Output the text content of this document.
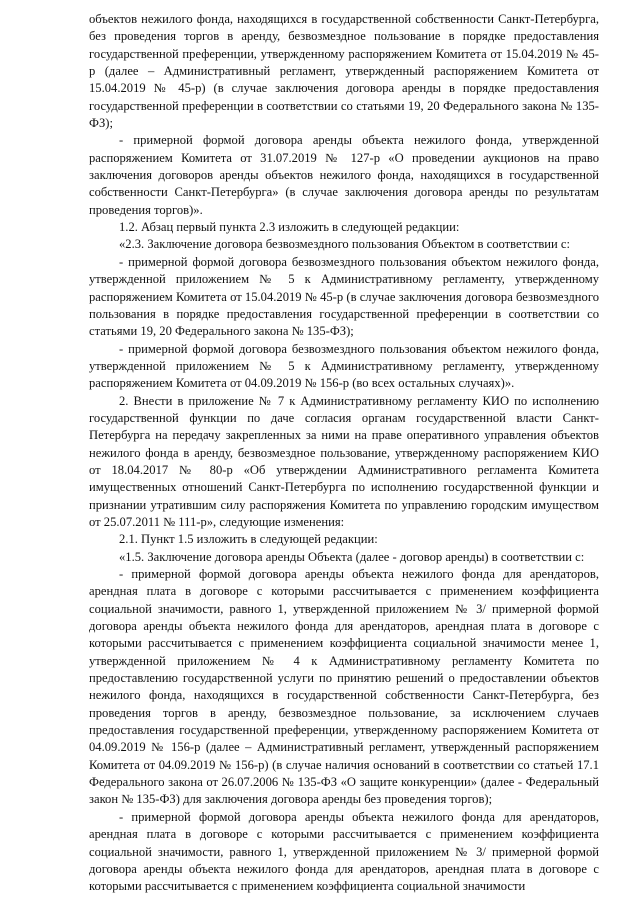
объектов нежилого фонда, находящихся в государственной собственности Санкт-Петербурга, без проведения торгов в аренду, безвозмездное пользование в порядке предоставления государственной преференции, утвержденному распоряжением Комитета от 15.04.2019 № 45-р (далее – Административный регламент, утвержденный распоряжением Комитета от 15.04.2019 № 45-р) (в случае заключения договора аренды в порядке предоставления государственной преференции в соответствии со статьями 19, 20 Федерального закона № 135-ФЗ);

- примерной формой договора аренды объекта нежилого фонда, утвержденной распоряжением Комитета от 31.07.2019 № 127-р «О проведении аукционов на право заключения договоров аренды объектов нежилого фонда, находящихся в государственной собственности Санкт-Петербурга» (в случае заключения договора аренды по результатам проведения торгов)».

1.2. Абзац первый пункта 2.3 изложить в следующей редакции:

«2.3. Заключение договора безвозмездного пользования Объектом в соответствии с:

- примерной формой договора безвозмездного пользования объектом нежилого фонда, утвержденной приложением № 5 к Административному регламенту, утвержденному распоряжением Комитета от 15.04.2019 № 45-р (в случае заключения договора безвозмездного пользования в порядке предоставления государственной преференции в соответствии со статьями 19, 20 Федерального закона № 135-ФЗ);

- примерной формой договора безвозмездного пользования объектом нежилого фонда, утвержденной приложением № 5 к Административному регламенту, утвержденному распоряжением Комитета от 04.09.2019 № 156-р (во всех остальных случаях)».

2. Внести в приложение № 7 к Административному регламенту КИО по исполнению государственной функции по даче согласия органам государственной власти Санкт-Петербурга на передачу закрепленных за ними на праве оперативного управления объектов нежилого фонда в аренду, безвозмездное пользование, утвержденному распоряжением КИО от 18.04.2017 № 80-р «Об утверждении Административного регламента Комитета имущественных отношений Санкт-Петербурга по исполнению государственной функции и признании утратившим силу распоряжения Комитета по управлению городским имуществом от 25.07.2011 № 111-р», следующие изменения:

2.1. Пункт 1.5 изложить в следующей редакции:

«1.5. Заключение договора аренды Объекта (далее - договор аренды) в соответствии с:

- примерной формой договора аренды объекта нежилого фонда для арендаторов, арендная плата в договоре с которыми рассчитывается с применением коэффициента социальной значимости, равного 1, утвержденной приложением № 3/ примерной формой договора аренды объекта нежилого фонда для арендаторов, арендная плата в договоре с которыми рассчитывается с применением коэффициента социальной значимости менее 1, утвержденной приложением № 4 к Административному регламенту Комитета по предоставлению государственной услуги по принятию решений о предоставлении объектов нежилого фонда, находящихся в государственной собственности Санкт-Петербурга, без проведения торгов в аренду, безвозмездное пользование, за исключением случаев предоставления государственной преференции, утвержденному распоряжением Комитета от 04.09.2019 № 156-р (далее – Административный регламент, утвержденный распоряжением Комитета от 04.09.2019 № 156-р) (в случае наличия оснований в соответствии со статьей 17.1 Федерального закона от 26.07.2006 № 135-ФЗ «О защите конкуренции» (далее - Федеральный закон № 135-ФЗ) для заключения договора аренды без проведения торгов);

- примерной формой договора аренды объекта нежилого фонда для арендаторов, арендная плата в договоре с которыми рассчитывается с применением коэффициента социальной значимости, равного 1, утвержденной приложением № 3/ примерной формой договора аренды объекта нежилого фонда для арендаторов, арендная плата в договоре с которыми рассчитывается с применением коэффициента социальной значимости
